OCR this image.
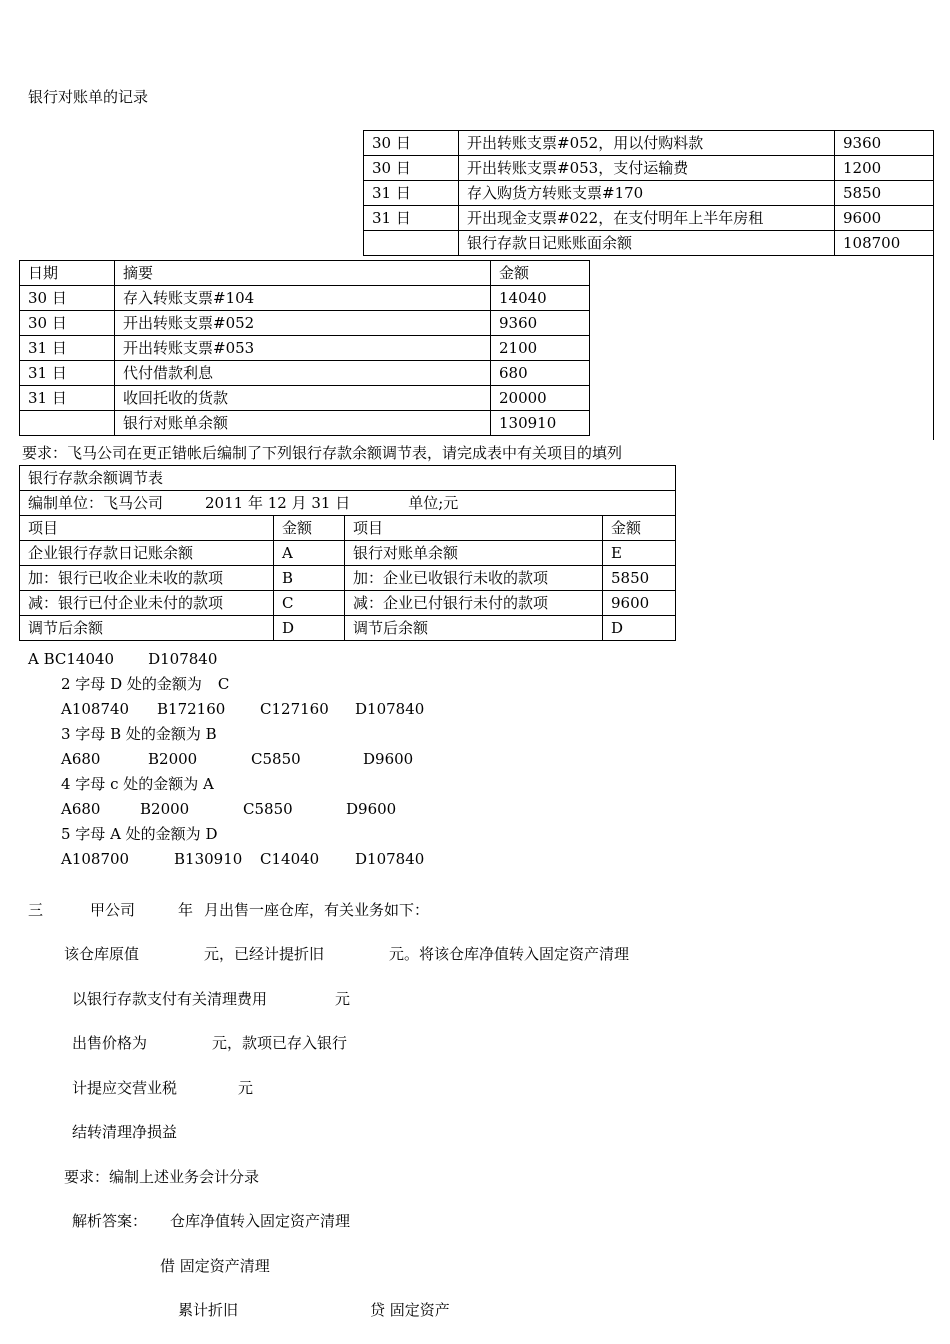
银行对账单的记录
30 日	开出转账支票#052，用以付购料款	9360
30 日	开出转账支票#053，支付运输费	1200
31 日	存入购货方转账支票#170	5850
31 日	开出现金支票#022，在支付明年上半年房租	9600
	银行存款日记账账面余额	108700
日期	摘要	金额
30 日	存入转账支票#104	14040
30 日	开出转账支票#052	9360
31 日	开出转账支票#053	2100
31 日	代付借款利息	680
31 日	收回托收的货款	20000
	银行对账单余额	130910
要求：飞马公司在更正错帐后编制了下列银行存款余额调节表，请完成表中有关项目的填列
银行存款余额调节表			
编制单位：飞马公司 2011 年 12 月 31 日 单位;元			
项目	金额	项目	金额
企业银行存款日记账余额	A	银行对账单余额	E
加：银行已收企业未收的款项	B	加：企业已收银行未收的款项	5850
减：银行已付企业未付的款项	C	减：企业已付银行未付的款项	9600
调节后余额	D	调节后余额	D
A BC14040 D107840
2 字母 D 处的金额为 C
A108740 B172160 C127160 D107840
3 字母 B 处的金额为 B
A680	B2000	C5850	D9600
4 字母 c 处的金额为 A
A680	B2000	C5850	D9600
5 字母 A 处的金额为 D
A108700	B130910 C14040 D107840
三	甲公司	年 月出售一座仓库，有关业务如下：
该仓库原值	元，已经计提折旧	元。将该仓库净值转入固定资产清理
以银行存款支付有关清理费用	元
出售价格为	元，款项已存入银行
计提应交营业税	元
结转清理净损益
要求：编制上述业务会计分录
解析答案： 仓库净值转入固定资产清理
借 固定资产清理
累计折旧	贷 固定资产
